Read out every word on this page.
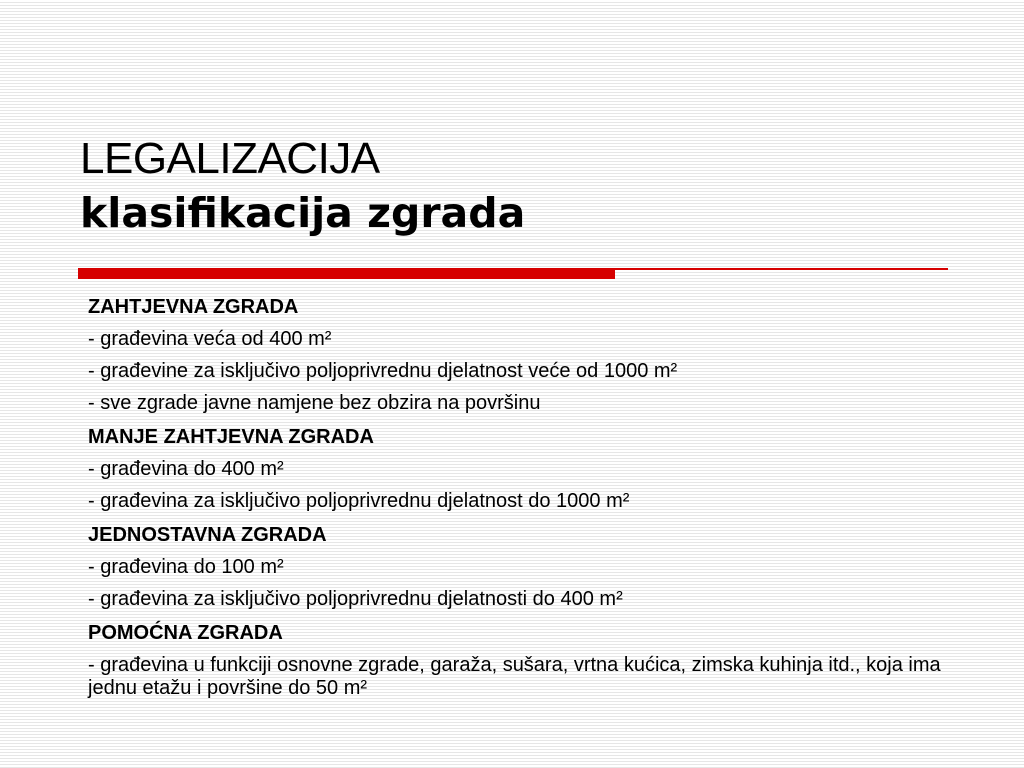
LEGALIZACIJA
klasifikacija zgrada
ZAHTJEVNA ZGRADA
- građevina veća od 400 m²
- građevine za isključivo poljoprivrednu djelatnost veće od 1000 m²
- sve zgrade javne namjene bez obzira na površinu
MANJE ZAHTJEVNA ZGRADA
- građevina do 400 m²
- građevina za isključivo poljoprivrednu djelatnost do 1000 m²
JEDNOSTAVNA ZGRADA
- građevina do 100 m²
- građevina za isključivo poljoprivrednu djelatnosti do 400 m²
POMOĆNA ZGRADA
- građevina u funkciji osnovne zgrade, garaža, sušara, vrtna kućica, zimska kuhinja itd., koja ima jednu etažu i površine do 50 m²
